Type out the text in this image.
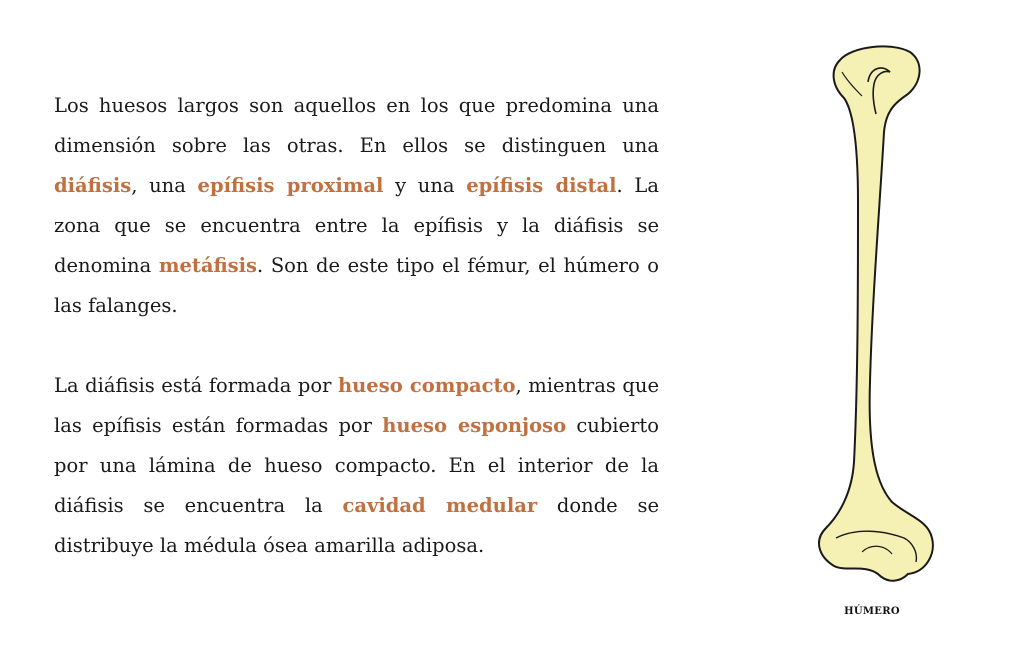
Los huesos largos son aquellos en los que predomina una dimensión sobre las otras. En ellos se distinguen una diáfisis, una epífisis proximal y una epífisis distal. La zona que se encuentra entre la epífisis y la diáfisis se denomina metáfisis. Son de este tipo el fémur, el húmero o las falanges.

La diáfisis está formada por hueso compacto, mientras que las epífisis están formadas por hueso esponjoso cubierto por una lámina de hueso compacto. En el interior de la diáfisis se encuentra la cavidad medular donde se distribuye la médula ósea amarilla adiposa.

HÚMERO
